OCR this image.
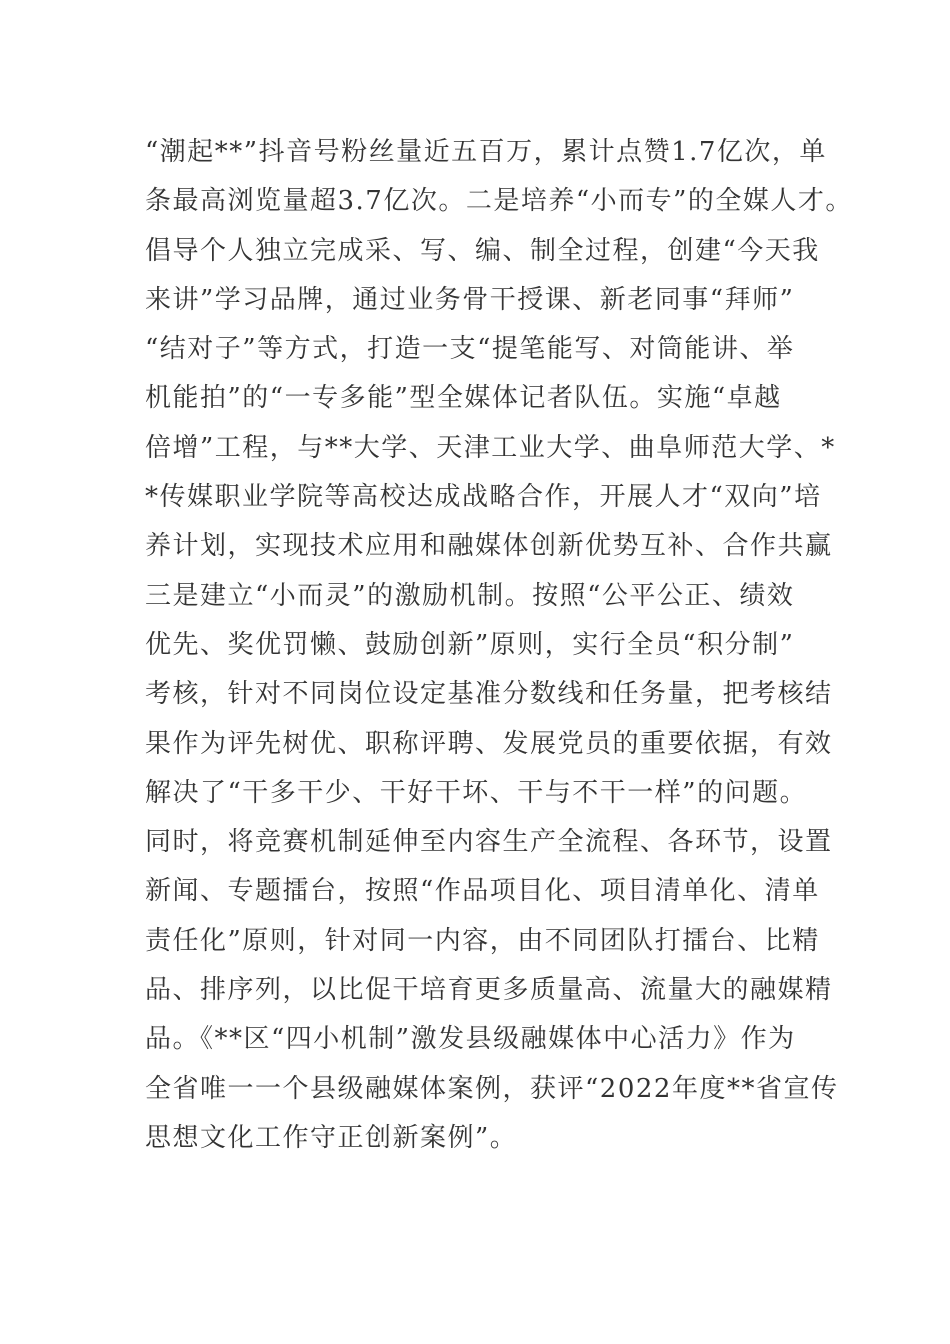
“潮起**”抖音号粉丝量近五百万，累计点赞1.7亿次，单
条最高浏览量超3.7亿次。二是培养“小而专”的全媒人才。
倡导个人独立完成采、写、编、制全过程，创建“今天我
来讲”学习品牌，通过业务骨干授课、新老同事“拜师”
“结对子”等方式，打造一支“提笔能写、对筒能讲、举
机能拍”的“一专多能”型全媒体记者队伍。实施“卓越
倍增”工程，与**大学、天津工业大学、曲阜师范大学、*
*传媒职业学院等高校达成战略合作，开展人才“双向”培
养计划，实现技术应用和融媒体创新优势互补、合作共赢
三是建立“小而灵”的激励机制。按照“公平公正、绩效
优先、奖优罚懒、鼓励创新”原则，实行全员“积分制”
考核，针对不同岗位设定基准分数线和任务量，把考核结
果作为评先树优、职称评聘、发展党员的重要依据，有效
解决了“干多干少、干好干坏、干与不干一样”的问题。
同时，将竞赛机制延伸至内容生产全流程、各环节，设置
新闻、专题擂台，按照“作品项目化、项目清单化、清单
责任化”原则，针对同一内容，由不同团队打擂台、比精
品、排序列，以比促干培育更多质量高、流量大的融媒精
品。《**区“四小机制”激发县级融媒体中心活力》作为
全省唯一一个县级融媒体案例，获评“2022年度**省宣传
思想文化工作守正创新案例”。
